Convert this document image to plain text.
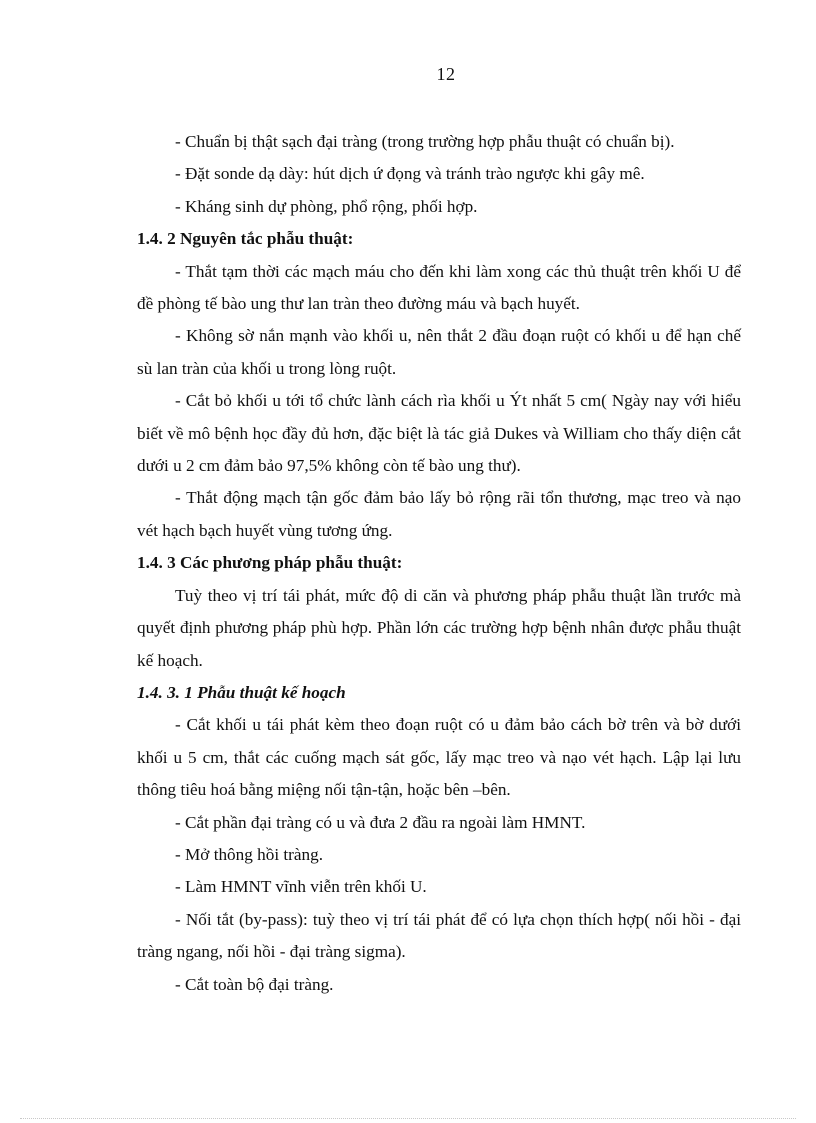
12

- Chuẩn bị thật sạch đại tràng (trong trường hợp phẫu thuật có chuẩn bị).

- Đặt sonde dạ dày: hút dịch ứ đọng và tránh trào ngược khi gây mê.

- Kháng sinh dự phòng, phổ rộng, phối hợp.

1.4. 2 Nguyên tắc phẫu thuật:

- Thắt tạm thời các mạch máu cho đến khi làm xong các thủ thuật trên khối U để đề phòng tế bào ung thư lan tràn theo đường máu và bạch huyết.

- Không sờ nắn mạnh vào khối u, nên thắt 2 đầu đoạn ruột có khối u để hạn chế sù lan tràn của khối u trong lòng ruột.

- Cắt bỏ khối u tới tổ chức lành cách rìa khối u Ýt nhất 5 cm( Ngày nay với hiểu biết về mô bệnh học đầy đủ hơn, đặc biệt là tác giả Dukes và William cho thấy diện cắt dưới u 2 cm đảm bảo 97,5% không còn tế bào ung thư).

- Thắt động mạch tận gốc đảm bảo lấy bỏ rộng rãi tổn thương, mạc treo và nạo vét hạch bạch huyết vùng tương ứng.

1.4. 3 Các phương pháp phẫu thuật:

Tuỳ theo vị trí tái phát, mức độ di căn và phương pháp phẫu thuật lần trước mà quyết định phương pháp phù hợp. Phần lớn các trường hợp bệnh nhân được phẫu thuật kế hoạch.

1.4. 3. 1 Phẫu thuật kế hoạch

- Cắt khối u tái phát kèm theo đoạn ruột có u đảm bảo cách bờ trên và bờ dưới khối u 5 cm, thắt các cuống mạch sát gốc, lấy mạc treo và nạo vét hạch. Lập lại lưu thông tiêu hoá bằng miệng nối tận-tận, hoặc bên –bên.

- Cắt phần đại tràng có u và đưa 2 đầu ra ngoài làm HMNT.

- Mở thông hồi tràng.

- Làm HMNT vĩnh viễn trên khối U.

- Nối tắt (by-pass): tuỳ theo vị trí tái phát để có lựa chọn thích hợp( nối hồi - đại tràng ngang, nối hồi - đại tràng sigma).

- Cắt toàn bộ đại tràng.
